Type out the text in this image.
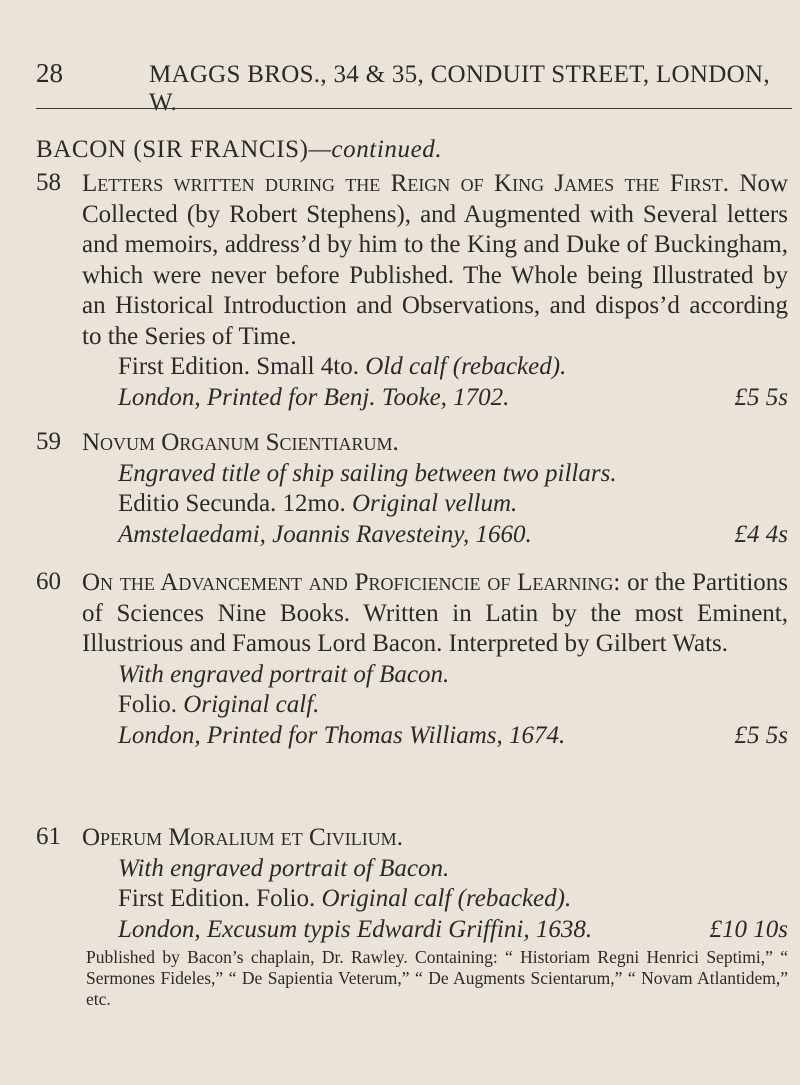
28	MAGGS BROS., 34 & 35, CONDUIT STREET, LONDON, W.
BACON (SIR FRANCIS)—continued.
58 Letters written during the Reign of King James the First. Now Collected (by Robert Stephens), and Augmented with Several letters and memoirs, address’d by him to the King and Duke of Buckingham, which were never before Published. The Whole being Illustrated by an Historical Introduction and Observations, and dispos’d according to the Series of Time.
First Edition. Small 4to. Old calf (rebacked).
London, Printed for Benj. Tooke, 1702.	£5 5s
59 Novum Organum Scientiarum.
Engraved title of ship sailing between two pillars.
Editio Secunda. 12mo. Original vellum.
Amstelaedami, Joannis Ravesteiny, 1660.	£4 4s
60 On the Advancement and Proficiencie of Learning: or the Partitions of Sciences Nine Books. Written in Latin by the most Eminent, Illustrious and Famous Lord Bacon. Interpreted by Gilbert Wats.
With engraved portrait of Bacon.
Folio. Original calf.
London, Printed for Thomas Williams, 1674.	£5 5s
61 Operum Moralium et Civilium.
With engraved portrait of Bacon.
First Edition. Folio. Original calf (rebacked).
London, Excusum typis Edwardi Griffini, 1638.	£10 10s
Published by Bacon’s chaplain, Dr. Rawley. Containing: “ Historiam Regni Henrici Septimi,” “ Sermones Fideles,” “ De Sapientia Veterum,” “ De Augments Scientarum,” “ Novam Atlantidem,” etc.
